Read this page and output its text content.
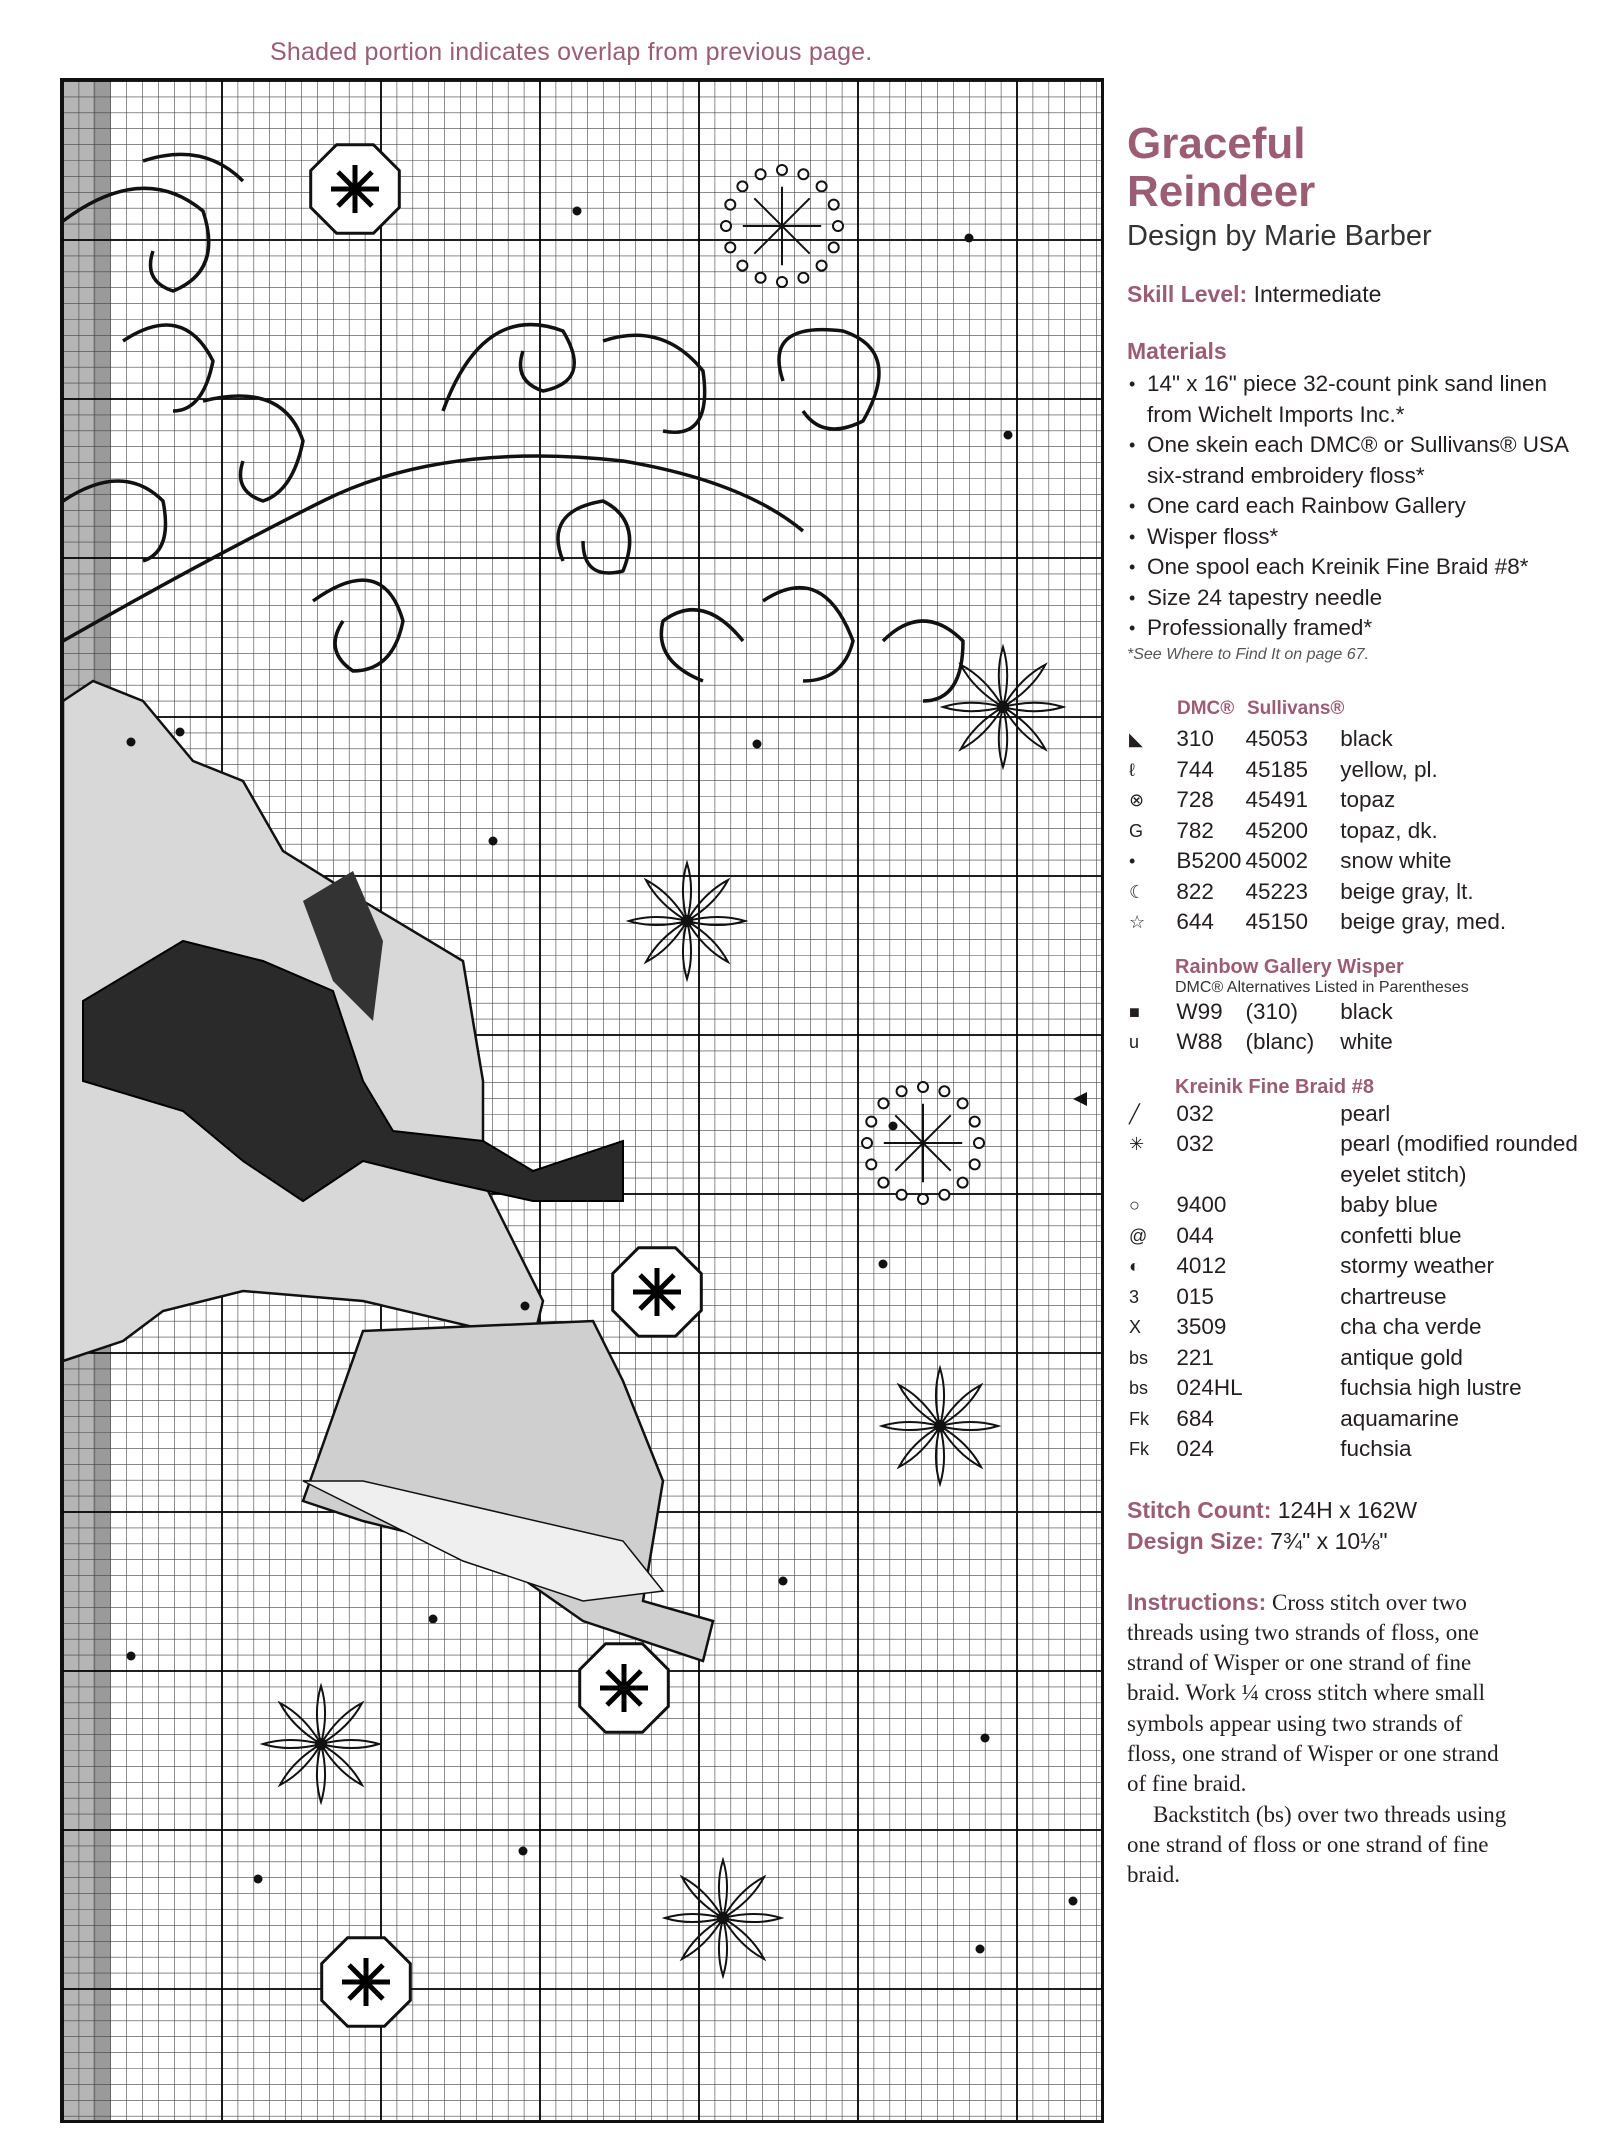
Shaded portion indicates overlap from previous page.
Graceful
Reindeer
Design by Marie Barber
Skill Level: Intermediate
Materials
• 14" x 16" piece 32-count pink sand linen from Wichelt Imports Inc.*
• One skein each DMC® or Sullivans® USA six-strand embroidery floss*
• One card each Rainbow Gallery
• Wisper floss*
• One spool each Kreinik Fine Braid #8*
• Size 24 tapestry needle
• Professionally framed*
*See Where to Find It on page 67.
DMC® Sullivans®
◣	310	45053	black
ℓ	744	45185	yellow, pl.
⊗	728	45491	topaz
G	782	45200	topaz, dk.
•	B5200 45002	snow white
☾	822	45223	beige gray, lt.
☆	644	45150	beige gray, med.
Rainbow Gallery Wisper
DMC® Alternatives Listed in Parentheses
■	W99	(310)	black
u	W88	(blanc)	white
Kreinik Fine Braid #8
╱	032	pearl
✳	032	pearl (modified rounded eyelet stitch)
○	9400	baby blue
@	044	confetti blue
◐	4012	stormy weather
3	015	chartreuse
X	3509	cha cha verde
bs	221	antique gold
bs	024HL	fuchsia high lustre
Fk	684	aquamarine
Fk	024	fuchsia
Stitch Count: 124H x 162W
Design Size: 7¾" x 10⅛"
Instructions: Cross stitch over two threads using two strands of floss, one strand of Wisper or one strand of fine braid. Work ¼ cross stitch where small symbols appear using two strands of floss, one strand of Wisper or one strand of fine braid.
Backstitch (bs) over two threads using one strand of floss or one strand of fine braid.
